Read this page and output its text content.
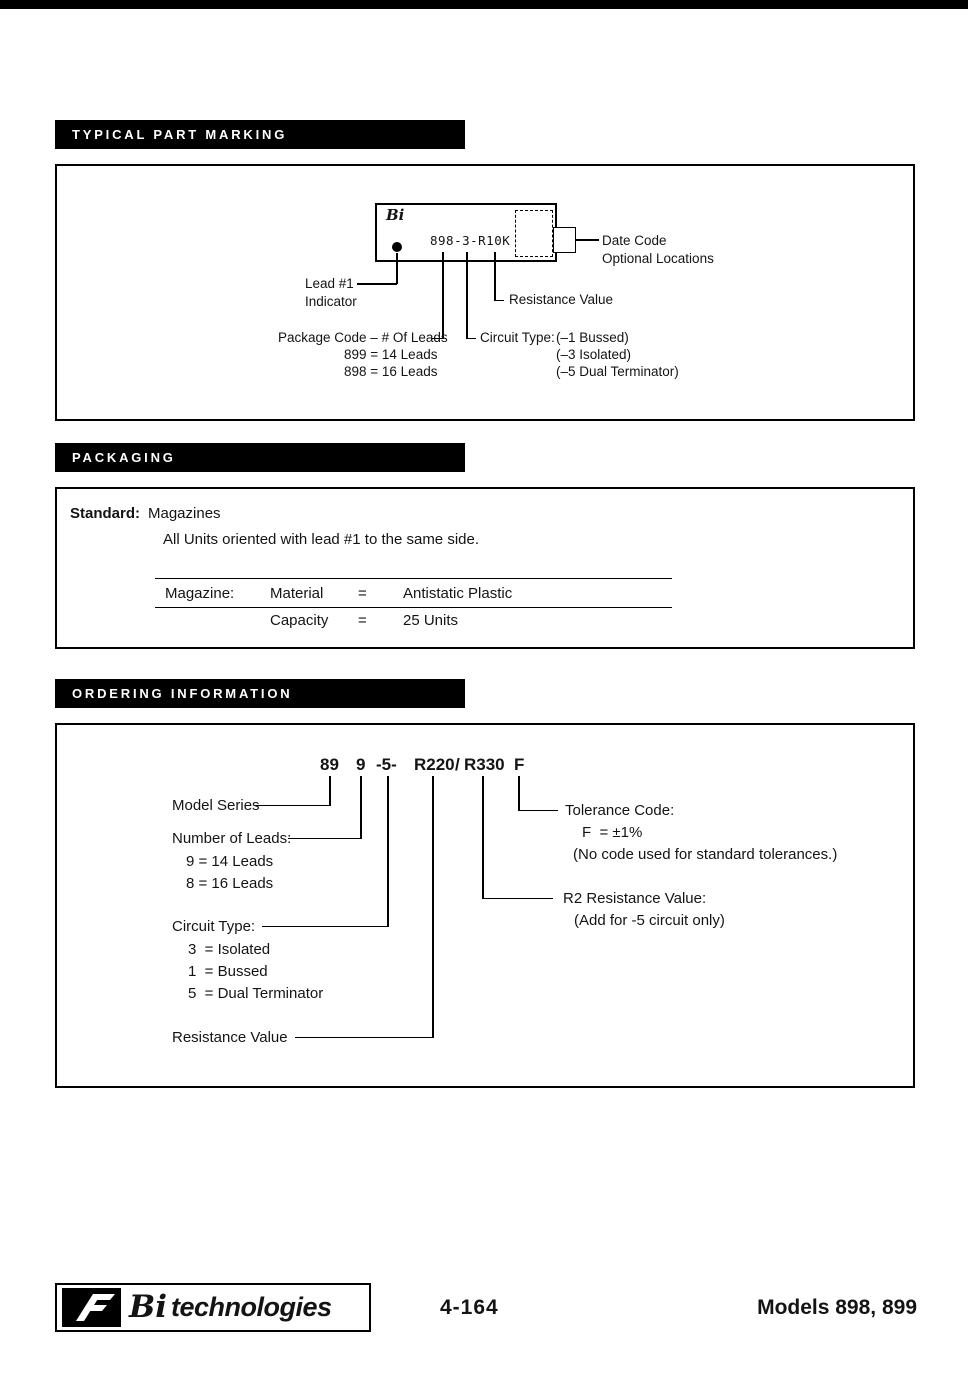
TYPICAL PART MARKING
Bi
898-3-R10K	Date Code
Optional Locations
Lead #1
Indicator	Resistance Value
Package Code – # Of Leads
899 = 14 Leads
898 = 16 Leads
Circuit Type: (–1 Bussed)
(–3 Isolated)
(–5 Dual Terminator)
PACKAGING
Standard: Magazines
All Units oriented with lead #1 to the same side.
Magazine: Material = Antistatic Plastic
Capacity = 25 Units
ORDERING INFORMATION
89 9 -5- R220 / R330 F
Model Series
Number of Leads:
9 = 14 Leads
8 = 16 Leads
Circuit Type:
3  = Isolated
1  = Bussed
5  = Dual Terminator
Resistance Value
Tolerance Code:
F  = ±1%
(No code used for standard tolerances.)
R2 Resistance Value:
(Add for -5 circuit only)
Bi technologies	4-164	Models 898, 899
